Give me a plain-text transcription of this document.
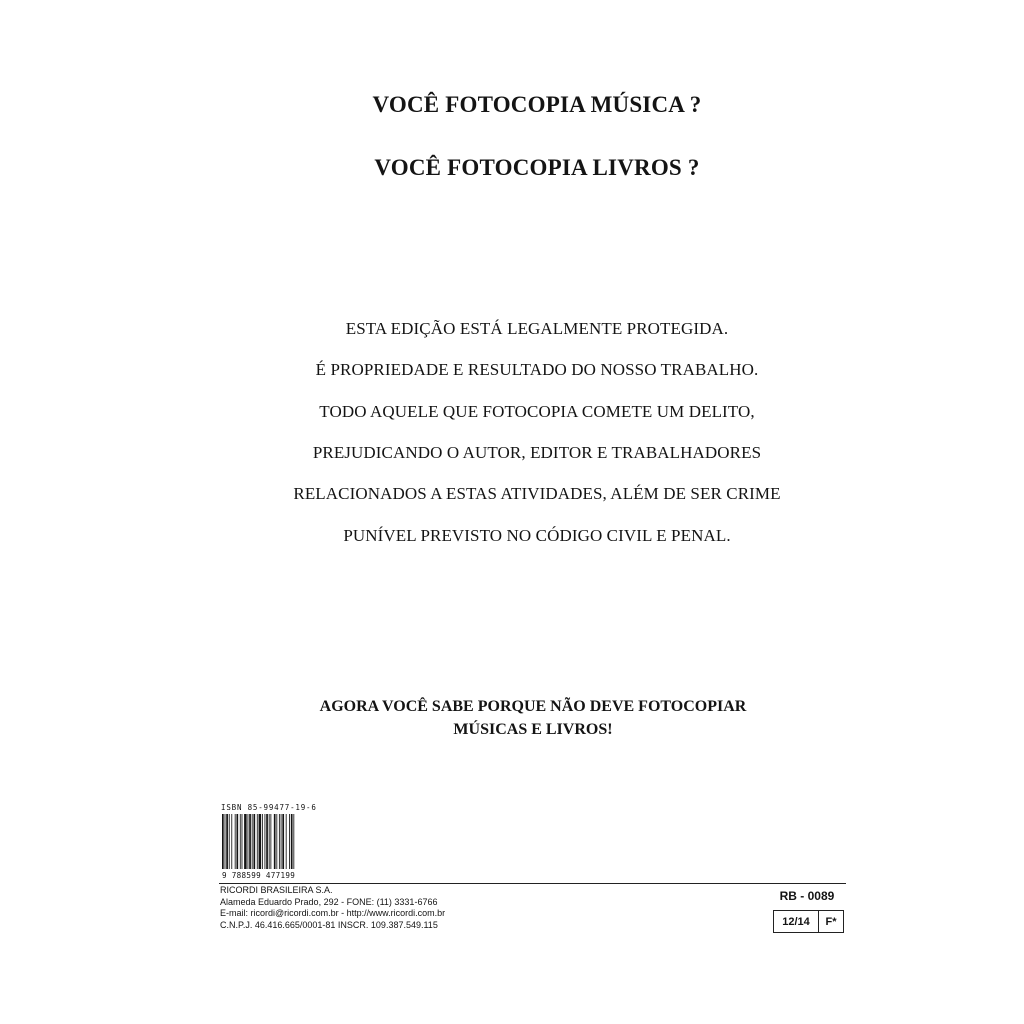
VOCÊ FOTOCOPIA MÚSICA ?
VOCÊ FOTOCOPIA LIVROS ?
ESTA EDIÇÃO ESTÁ LEGALMENTE PROTEGIDA.
É PROPRIEDADE E RESULTADO DO NOSSO TRABALHO.
TODO AQUELE QUE FOTOCOPIA COMETE UM DELITO,
PREJUDICANDO O AUTOR, EDITOR E TRABALHADORES
RELACIONADOS A ESTAS ATIVIDADES, ALÉM DE SER CRIME
PUNÍVEL PREVISTO NO CÓDIGO CIVIL E PENAL.
AGORA VOCÊ SABE PORQUE NÃO DEVE FOTOCOPIAR
MÚSICAS E LIVROS!
ISBN 85-99477-19-6
9 788599 477199
RICORDI BRASILEIRA S.A.
Alameda Eduardo Prado, 292 - FONE: (11) 3331-6766
E-mail: ricordi@ricordi.com.br - http://www.ricordi.com.br
C.N.P.J. 46.416.665/0001-81 INSCR. 109.387.549.115
RB - 0089
12/14	F*
